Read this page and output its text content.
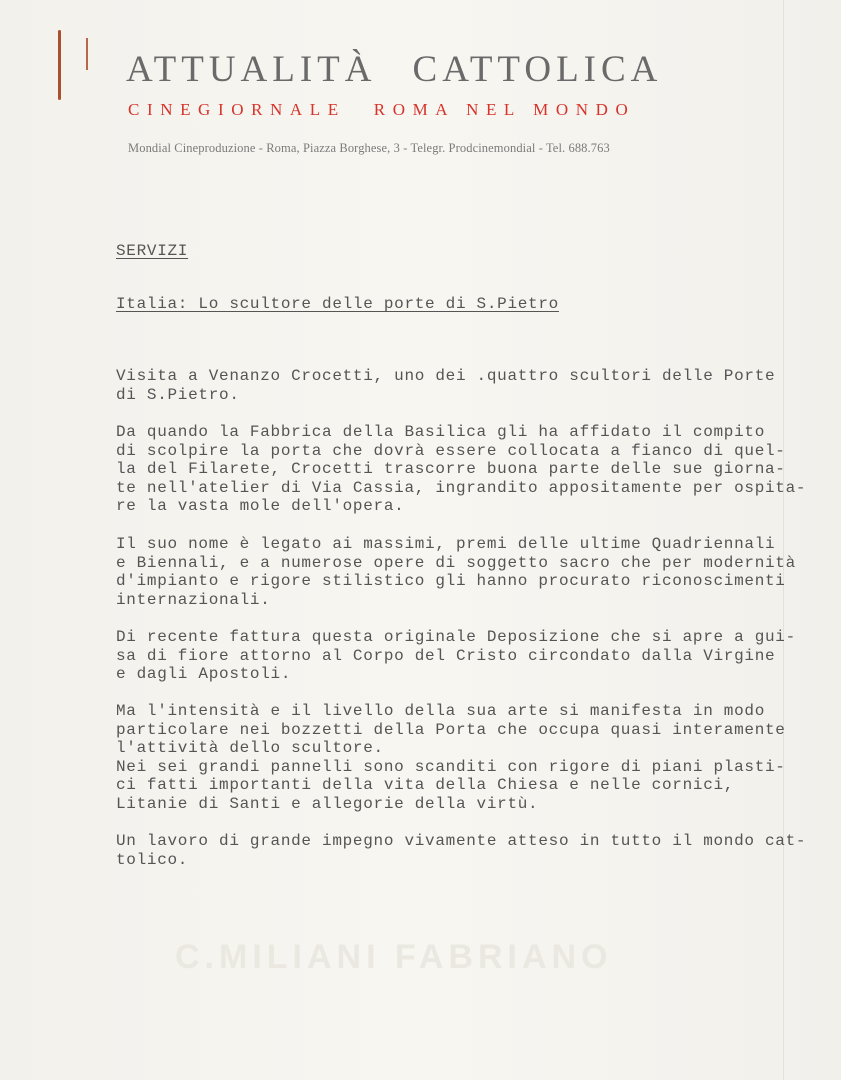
C.MILIANI FABRIANO
ATTUALITÀ CATTOLICA
CINEGIORNALE ROMA NEL MONDO
Mondial Cineproduzione - Roma, Piazza Borghese, 3 - Telegr. Prodcinemondial - Tel. 688.763
SERVIZI
Italia: Lo scultore delle porte di S.Pietro
Visita a Venanzo Crocetti, uno dei .quattro scultori delle Porte
di S.Pietro.
Da quando la Fabbrica della Basilica gli ha affidato il compito
di scolpire la porta che dovrà essere collocata a fianco di quel-
la del Filarete, Crocetti trascorre buona parte delle sue giorna-
te nell'atelier di Via Cassia, ingrandito appositamente per ospita-
re la vasta mole dell'opera.
Il suo nome è legato ai massimi, premi delle ultime Quadriennali
e Biennali, e a numerose opere di soggetto sacro che per modernità
d'impianto e rigore stilistico gli hanno procurato riconoscimenti
internazionali.
Di recente fattura questa originale Deposizione che si apre a gui-
sa di fiore attorno al Corpo del Cristo circondato dalla Virgine
e dagli Apostoli.
Ma l'intensità e il livello della sua arte si manifesta in modo
particolare nei bozzetti della Porta che occupa quasi interamente
l'attività dello scultore.
Nei sei grandi pannelli sono scanditi con rigore di piani plasti-
ci fatti importanti della vita della Chiesa e nelle cornici,
Litanie di Santi e allegorie della virtù.
Un lavoro di grande impegno vivamente atteso in tutto il mondo cat-
tolico.
